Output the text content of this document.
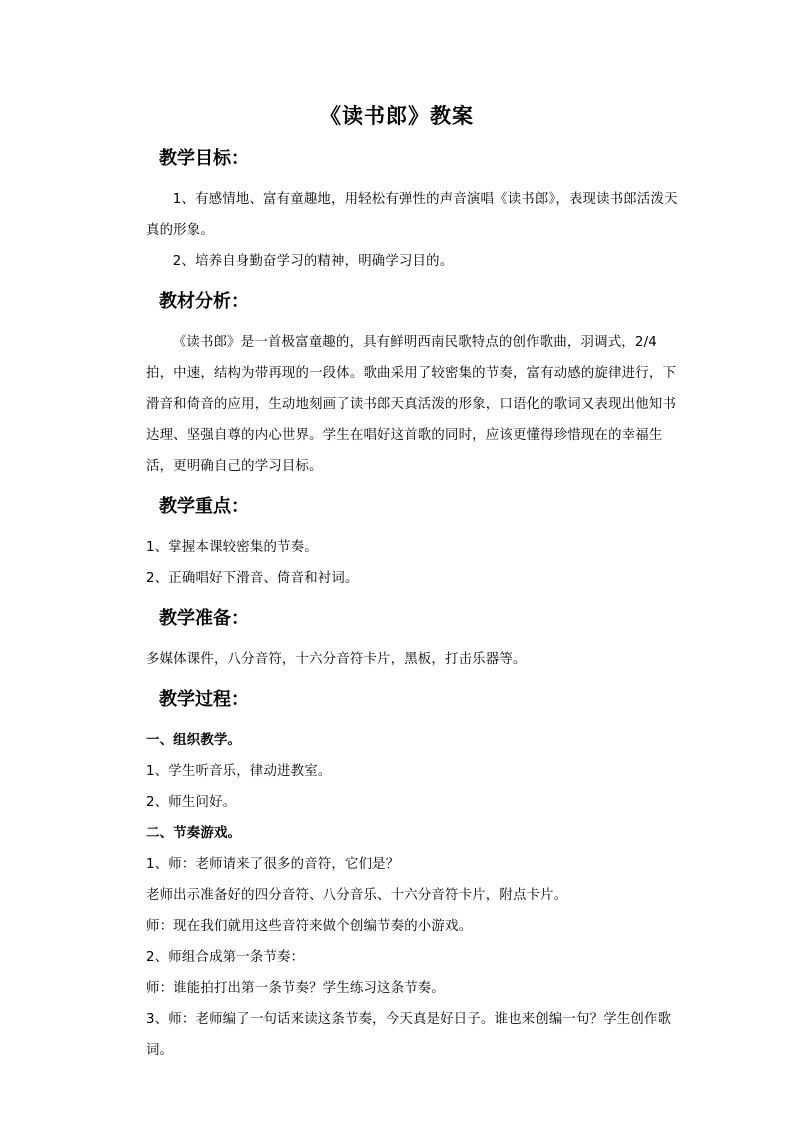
《读书郎》教案
教学目标：

1、有感情地、富有童趣地，用轻松有弹性的声音演唱《读书郎》，表现读书郎活泼天真的形象。

2、培养自身勤奋学习的精神，明确学习目的。

教材分析：

《读书郎》是一首极富童趣的，具有鲜明西南民歌特点的创作歌曲，羽调式，2/4拍，中速，结构为带再现的一段体。歌曲采用了较密集的节奏，富有动感的旋律进行，下滑音和倚音的应用，生动地刻画了读书郎天真活泼的形象，口语化的歌词又表现出他知书达理、坚强自尊的内心世界。学生在唱好这首歌的同时，应该更懂得珍惜现在的幸福生活，更明确自己的学习目标。

教学重点：

1、掌握本课较密集的节奏。

2、正确唱好下滑音、倚音和衬词。

教学准备：

多媒体课件，八分音符，十六分音符卡片，黑板，打击乐器等。

教学过程：

一、组织教学。

1、学生听音乐，律动进教室。

2、师生问好。

二、节奏游戏。

1、师：老师请来了很多的音符，它们是？

老师出示准备好的四分音符、八分音乐、十六分音符卡片，附点卡片。

师：现在我们就用这些音符来做个创编节奏的小游戏。

2、师组合成第一条节奏：

师：谁能拍打出第一条节奏？学生练习这条节奏。

3、师：老师编了一句话来读这条节奏，今天真是好日子。谁也来创编一句？学生创作歌词。
